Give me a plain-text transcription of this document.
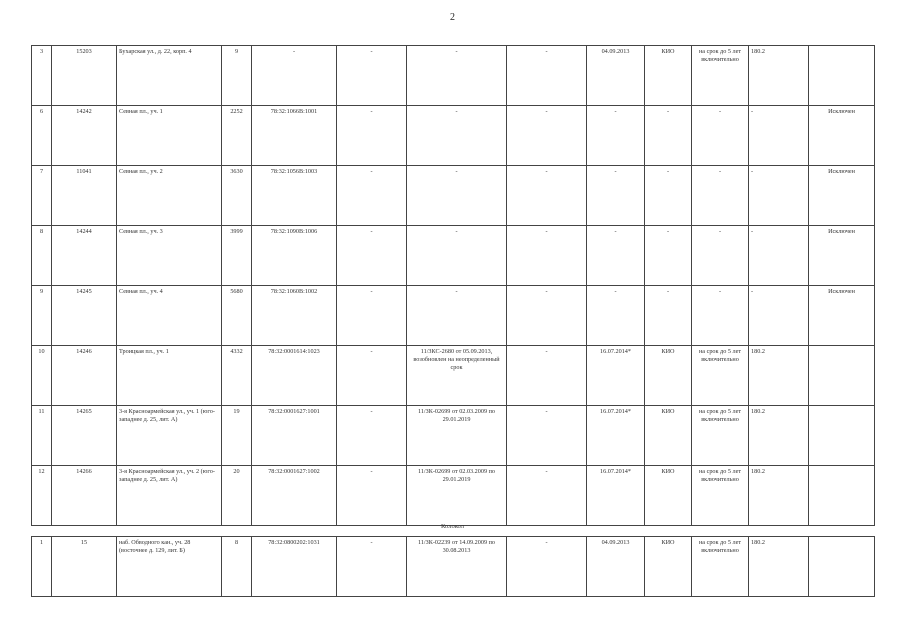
2
3	15203	Бухарская ул., д. 22, корп. 4	9	-	-	-	-	04.09.2013	КИО	на срок до 5 лет включительно	180.2	
6	14242	Севная пл., уч. 1	2252	78:32:1066В:1001	-	-	-	-	-	-	-	Исключен
7	11041	Севная пл., уч. 2	3630	78:32:1056В:1003	-	-	-	-	-	-	-	Исключен
8	14244	Севная пл., уч. 3	3999	78:32:1090В:1006	-	-	-	-	-	-	-	Исключен
9	14245	Севная пл., уч. 4	5680	78:32:1060В:1002	-	-	-	-	-	-	-	Исключен
10	14246	Троицкая пл., уч. 1	4332	78:32:0001614:1023	-	11/ЗКС-2680 от 05.09.2013, возобновлен на неопределенный срок	-	16.07.2014*	КИО	на срок до 5 лет включительно	180.2	
11	14265	3-я Красноармейская ул., уч. 1 (юго-западнее д. 25, лит. А)	19	78:32:0001627:1001	-	11/ЗК-02699 от 02.03.2009 по 29.01.2019	-	16.07.2014*	КИО	на срок до 5 лет включительно	180.2	
12	14266	3-я Красноармейская ул., уч. 2 (юго-западнее д. 25, лит. А)	20	78:32:0001627:1002	-	11/ЗК-02699 от 02.03.2009 по 29.01.2019	-	16.07.2014*	КИО	на срок до 5 лет включительно	180.2	
Колокол
1	15	наб. Обводного кан., уч. 28 (восточнее д. 129, лит. Б)	8	78:32:0800202:1031	-	11/ЗК-02239 от 14.09.2009 по 30.08.2013	-	04.09.2013	КИО	на срок до 5 лет включительно	180.2	
